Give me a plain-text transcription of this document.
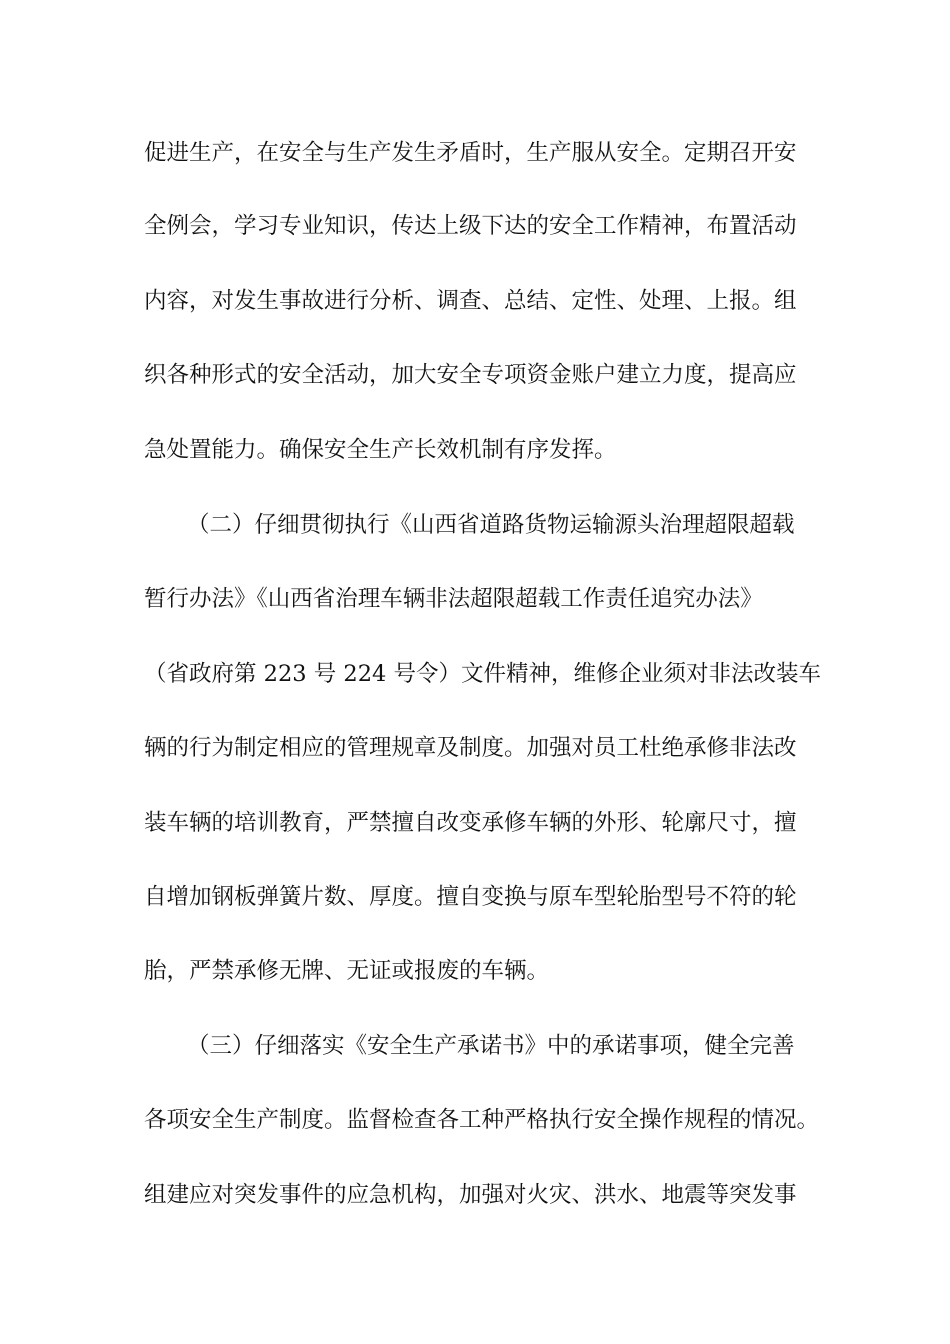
促进生产，在安全与生产发生矛盾时，生产服从安全。定期召开安
全例会，学习专业知识，传达上级下达的安全工作精神，布置活动
内容，对发生事故进行分析、调查、总结、定性、处理、上报。组
织各种形式的安全活动，加大安全专项资金账户建立力度，提高应
急处置能力。确保安全生产长效机制有序发挥。
（二）仔细贯彻执行《山西省道路货物运输源头治理超限超载
暂行办法》《山西省治理车辆非法超限超载工作责任追究办法》
（省政府第 223 号 224 号令）文件精神，维修企业须对非法改装车
辆的行为制定相应的管理规章及制度。加强对员工杜绝承修非法改
装车辆的培训教育，严禁擅自改变承修车辆的外形、轮廓尺寸，擅
自增加钢板弹簧片数、厚度。擅自变换与原车型轮胎型号不符的轮
胎，严禁承修无牌、无证或报废的车辆。
（三）仔细落实《安全生产承诺书》中的承诺事项，健全完善
各项安全生产制度。监督检查各工种严格执行安全操作规程的情况。
组建应对突发事件的应急机构，加强对火灾、洪水、地震等突发事
